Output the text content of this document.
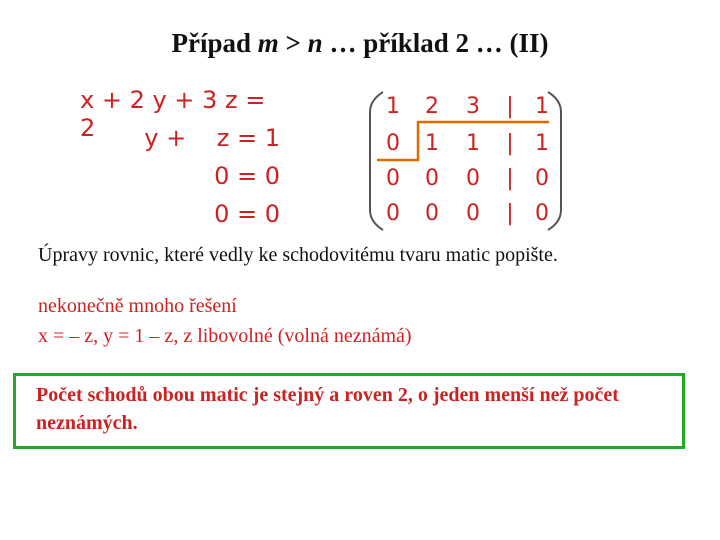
Případ m > n … příklad 2 … (II)
x + 2 y + 3 z = 2	y +    z = 1
0 = 0
0 = 0
1 2 3 | 1
0 1 1 | 1
0 0 0 | 0
0 0 0 | 0
Úpravy rovnic, které vedly ke schodovitému tvaru matic popište.
nekonečně mnoho řešení
x = – z, y = 1 – z, z libovolné (volná neznámá)
Počet schodů obou matic je stejný a roven 2, o jeden menší než počet neznámých.
